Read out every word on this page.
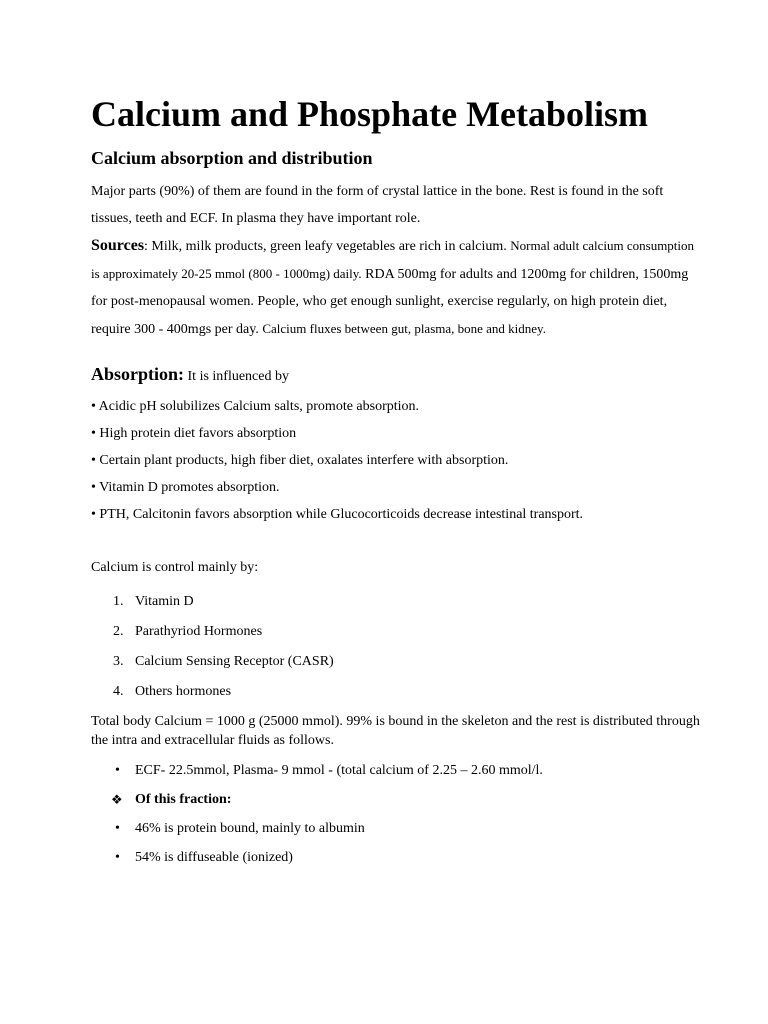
Calcium and Phosphate Metabolism
Calcium absorption and distribution

Major parts (90%) of them are found in the form of crystal lattice in the bone. Rest is found in the soft tissues, teeth and ECF. In plasma they have important role.

Sources: Milk, milk products, green leafy vegetables are rich in calcium. Normal adult calcium consumption is approximately 20-25 mmol (800 - 1000mg) daily. RDA 500mg for adults and 1200mg for children, 1500mg for post-menopausal women. People, who get enough sunlight, exercise regularly, on high protein diet, require 300 - 400mgs per day. Calcium fluxes between gut, plasma, bone and kidney.

Absorption: It is influenced by

• Acidic pH solubilizes Calcium salts, promote absorption.
• High protein diet favors absorption
• Certain plant products, high fiber diet, oxalates interfere with absorption.
• Vitamin D promotes absorption.
• PTH, Calcitonin favors absorption while Glucocorticoids decrease intestinal transport.

Calcium is control mainly by:

1. Vitamin D
2. Parathyriod Hormones
3. Calcium Sensing Receptor (CASR)
4. Others hormones

Total body Calcium = 1000 g (25000 mmol). 99% is bound in the skeleton and the rest is distributed through the intra and extracellular fluids as follows.

•	ECF- 22.5mmol, Plasma- 9 mmol - (total calcium of 2.25 – 2.60 mmol/l.
❖ Of this fraction:
•	46% is protein bound, mainly to albumin
•	54% is diffuseable (ionized)
